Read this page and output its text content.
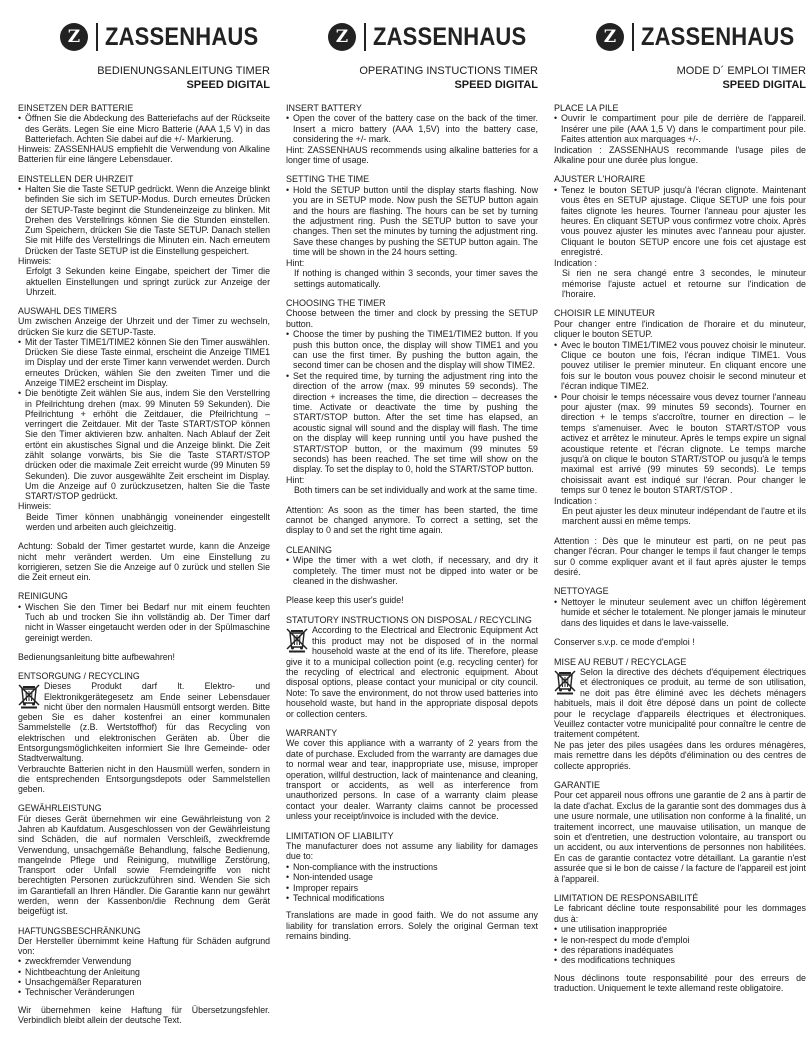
Z ZASSENHAUS
BEDIENUNGSANLEITUNG TIMER
SPEED DIGITAL
EINSETZEN DER BATTERIE
• Öffnen Sie die Abdeckung des Batteriefachs auf der Rückseite des Geräts. Legen Sie eine Micro Batterie (AAA 1,5 V) in das Batteriefach. Achten Sie dabei auf die +/- Markierung.

Hinweis: ZASSENHAUS empfiehlt die Verwendung von Alkaline Batterien für eine längere Lebensdauer.

EINSTELLEN DER UHRZEIT
• Halten Sie die Taste SETUP gedrückt. Wenn die Anzeige blinkt befinden Sie sich im SETUP-Modus. Durch erneutes Drücken der SETUP-Taste beginnt die Stundeneinzeige zu blinken. Mit Drehen des Verstellrings können Sie die Stunden einstellen. Zum Speichern, drücken Sie die Taste SETUP. Danach stellen Sie mit Hilfe des Verstellrings die Minuten ein. Nach erneutem Drücken der Taste SETUP ist die Einstellung gespeichert.

Hinweis:

Erfolgt 3 Sekunden keine Eingabe, speichert der Timer die aktuellen Einstellungen und springt zurück zur Anzeige der Uhrzeit.

AUSWAHL DES TIMERS

Um zwischen Anzeige der Uhrzeit und der Timer zu wechseln, drücken Sie kurz die SETUP-Taste.

• Mit der Taster TIME1/TIME2 können Sie den Timer auswählen. Drücken Sie diese Taste einmal, erscheint die Anzeige TIME1 im Display und der erste Timer kann verwendet werden. Durch erneutes Drücken, wählen Sie den zweiten Timer und die Anzeige TIME2 erscheint im Display.
• Die benötigte Zeit wählen Sie aus, indem Sie den Verstellring in Pfeilrichtung drehen (max. 99 Minuten 59 Sekunden). Die Pfeilrichtung + erhöht die Zeitdauer, die Pfeilrichtung – verringert die Zeitdauer. Mit der Taste START/STOP können Sie den Timer aktivieren bzw. anhalten. Nach Ablauf der Zeit ertönt ein akustisches Signal und die Anzeige blinkt. Die Zeit zählt solange vorwärts, bis Sie die Taste START/STOP drücken oder die maximale Zeit erreicht wurde (99 Minuten 59 Sekunden). Die zuvor ausgewählte Zeit erscheint im Display. Um die Anzeige auf 0 zurückzusetzen, halten Sie die Taste START/STOP gedrückt.

Hinweis:

Beide Timer können unabhängig voneinender eingestellt werden und arbeiten auch gleichzeitig.

Achtung: Sobald der Timer gestartet wurde, kann die Anzeige nicht mehr verändert werden. Um eine Einstellung zu korrigieren, setzen Sie die Anzeige auf 0 zurück und stellen Sie die Zeit erneut ein.

REINIGUNG
• Wischen Sie den Timer bei Bedarf nur mit einem feuchten Tuch ab und trocken Sie ihn vollständig ab. Der Timer darf nicht in Wasser eingetaucht werden oder in der Spülmaschine gereinigt werden.

Bedienungsanleitung bitte aufbewahren!

ENTSORGUNG / RECYCLING

Dieses Produkt darf lt. Elektro- und Elektronikgerätegesetz am Ende seiner Lebensdauer nicht über den normalen Hausmüll entsorgt werden. Bitte geben Sie es daher kostenfrei an einer kommunalen Sammelstelle (z.B. Wertstoffhof) für das Recycling von elektrischen und elektronischen Geräten ab. Über die Entsorgungsmöglichkeiten informiert Sie Ihre Gemeinde- oder Stadtverwaltung.

Verbrauchte Batterien nicht in den Hausmüll werfen, sondern in die entsprechenden Entsorgungsdepots oder Sammelstellen geben.

GEWÄHRLEISTUNG

Für dieses Gerät übernehmen wir eine Gewährleistung von 2 Jahren ab Kaufdatum. Ausgeschlossen von der Gewährleistung sind Schäden, die auf normalen Verschleiß, zweckfremde Verwendung, unsachgemäße Behandlung, falsche Bedienung, mangelnde Pflege und Reinigung, mutwillige Zerstörung, Transport oder Unfall sowie Fremdeingriffe von nicht berechtigten Personen zurückzuführen sind. Wenden Sie sich im Garantiefall an Ihren Händler. Die Garantie kann nur gewährt werden, wenn der Kassenbon/die Rechnung dem Gerät beigefügt ist.

HAFTUNGSBESCHRÄNKUNG

Der Hersteller übernimmt keine Haftung für Schäden aufgrund von:

• zweckfremder Verwendung
• Nichtbeachtung der Anleitung
• Unsachgemäßer Reparaturen
• Technischer Veränderungen

Wir übernehmen keine Haftung für Übersetzungsfehler. Verbindlich bleibt allein der deutsche Text.

Z ZASSENHAUS
OPERATING INSTUCTIONS TIMER
SPEED DIGITAL
INSERT BATTERY
• Open the cover of the battery case on the back of the timer. Insert a micro battery (AAA 1,5V) into the battery case, considering the +/- mark.

Hint: ZASSENHAUS recommends using alkaline batteries for a longer time of usage.

SETTING THE TIME
• Hold the SETUP button until the display starts flashing. Now you are in SETUP mode. Now push the SETUP button again and the hours are flashing. The hours can be set by turning the adjustment ring. Push the SETUP button to save your changes. Then set the minutes by turning the adjustment ring. Save these changes by pushing the SETUP button again. The time will be shown in the 24 hours setting.

Hint:

If nothing is changed within 3 seconds, your timer saves the settings automatically.

CHOOSING THE TIMER

Choose between the timer and clock by pressing the SETUP button.

• Choose the timer by pushing the TIME1/TIME2 button. If you push this button once, the display will show TIME1 and you can use the first timer. By pushing the button again, the second timer can be chosen and the display will show TIME2.
• Set the required time, by turning the adjustment ring into the direction of the arrow (max. 99 minutes 59 seconds). The direction + increases the time, die direction – decreases the time. Activate or deactivate the time by pushing the START/STOP button. After the set time has elapsed, an acoustic signal will sound and the display will flash. The time on the display will keep running until you have pushed the START/STOP button, or the maximum (99 minutes 59 seconds) has been reached. The set time will show on the display. To set the display to 0, hold the START/STOP button.

Hint:

Both timers can be set individually and work at the same time.

Attention: As soon as the timer has been started, the time cannot be changed anymore. To correct a setting, set the display to 0 and set the right time again.

CLEANING
• Wipe the timer with a wet cloth, if necessary, and dry it completely. The timer must not be dipped into water or be cleaned in the dishwasher.

Please keep this user's guide!

STATUTORY INSTRUCTIONS ON DISPOSAL / RECYCLING

According to the Electrical and Electronic Equipment Act this product may not be disposed of in the normal household waste at the end of its life. Therefore, please give it to a municipal collection point (e.g. recycling center) for the recycling of electrical and electronic equipment. About disposal options, please contact your municipal or city council. Note: To save the environment, do not throw used batteries into household waste, but hand in the appropriate disposal depots or collection centers.

WARRANTY

We cover this appliance with a warranty of 2 years from the date of purchase. Excluded from the warranty are damages due to normal wear and tear, inappropriate use, misuse, improper operation, willful destruction, lack of maintenance and cleaning, transport or accidents, as well as interference from unauthorized persons. In case of a warranty claim please contact your dealer. Warranty claims cannot be processed unless your receipt/invoice is included with the device.

LIMITATION OF LIABILITY

The manufacturer does not assume any liability for damages due to:

• Non-compliance with the instructions
• Non-intended usage
• Improper repairs
• Technical modifications

Translations are made in good faith. We do not assume any liability for translation errors. Solely the original German text remains binding.

Z ZASSENHAUS
MODE D´ EMPLOI TIMER
SPEED DIGITAL
PLACE LA PILE
• Ouvrir le compartiment pour pile de derrière de l'appareil. Insérer une pile (AAA 1,5 V) dans le compartiment pour pile. Faites attention aux marquages +/-.

Indication : ZASSENHAUS recommande l'usage piles de Alkaline pour une durée plus longue.

AJUSTER L'HORAIRE
• Tenez le bouton SETUP jusqu'à l'écran clignote. Maintenant vous êtes en SETUP ajustage. Clique SETUP une fois pour faites clignote les heures. Tourner l'anneau pour ajuster les heures. En cliquant SETUP vous confirmez votre choix. Après vous pouvez ajuster les minutes avec l'anneau pour ajuster. Cliquant le bouton SETUP encore une fois cet ajustage est enregistré.

Indication :

Si rien ne sera changé entre 3 secondes, le minuteur mémorise l'ajuste actuel et retourne sur l'indication de l'horaire.

CHOISIR LE MINUTEUR

Pour changer entre l'indication de l'horaire et du minuteur, cliquer le bouton SETUP.

• Avec le bouton TIME1/TIME2 vous pouvez choisir le minuteur. Clique ce bouton une fois, l'écran indique TIME1. Vous pouvez utiliser le premier minuteur. En cliquant encore une fois sur le bouton vous pouvez choisir le second minuteur et l'écran indique TIME2.
• Pour choisir le temps nécessaire vous devez tourner l'anneau pour ajuster (max. 99 minutes 59 seconds). Tourner en direction + le temps s'accroître, tourner en direction – le temps s'amenuiser. Avec le bouton START/STOP vous activez et arrêtez le minuteur. Après le temps expire un signal acoustique retente et l'écran clignote. Le temps marche jusqu'à on clique le bouton START/STOP ou jusqu'à le temps maximal est arrivé (99 minutes 59 seconds). Le temps choisissait avant est indiqué sur l'écran. Pour changer le temps sur 0 tenez le bouton START/STOP .

Indication :

En peut ajuster les deux minuteur indépendant de l'autre et ils marchent aussi en même temps.

Attention : Dès que le minuteur est parti, on ne peut pas changer l'écran. Pour changer le temps il faut changer le temps sur 0 comme expliquer avant et il faut après ajuster le temps desiré.

NETTOYAGE
• Nettoyer le minuteur seulement avec un chiffon légèrement humide et sécher le totalement. Ne plonger jamais le minuteur dans des liquides et dans le lave-vaisselle.

Conserver s.v.p. ce mode d'emploi !

MISE AU REBUT / RECYCLAGE

Selon la directive des déchets d'équipement électriques et électroniques ce produit, au terme de son utilisation, ne doit pas être éliminé avec les déchets ménagers habituels, mais il doit être déposé dans un point de collecte pour le recyclage d'appareils électriques et électroniques. Veuillez contacter votre municipalité pour connaître le centre de traitement compétent.

Ne pas jeter des piles usagées dans les ordures ménagères, mais remettre dans les dépôts d'élimination ou des centres de collecte appropriés.

GARANTIE

Pour cet appareil nous offrons une garantie de 2 ans à partir de la date d'achat. Exclus de la garantie sont des dommages dus à une usure normale, une utilisation non conforme à la finalité, un traitement incorrect, une mauvaise utilisation, un manque de soin et d'entretien, une destruction volontaire, au transport ou un accident, ou aux interventions de personnes non habilitées. En cas de garantie contactez votre détaillant. La garantie n'est assurée que si le bon de caisse / la facture de l'appareil est joint à l'appareil.

LIMITATION DE RESPONSABILITÉ

Le fabricant décline toute responsabilité pour les dommages dus à:

• une utilisation inappropriée
• le non-respect du mode d'emploi
• des réparations inadéquates
• des modifications techniques

Nous déclinons toute responsabilité pour des erreurs de traduction. Uniquement le texte allemand reste obligatoire.
